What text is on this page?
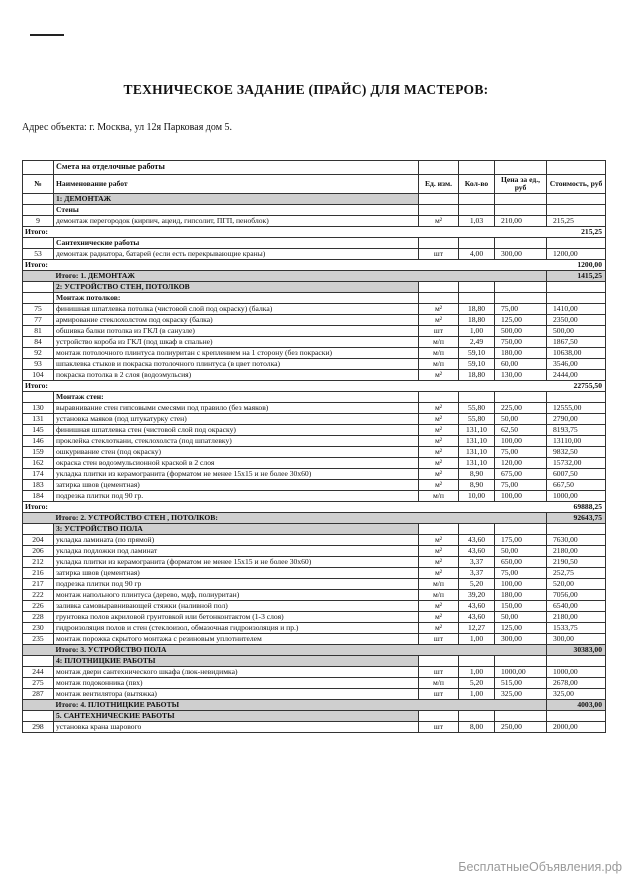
ТЕХНИЧЕСКОЕ ЗАДАНИЕ (ПРАЙС) ДЛЯ МАСТЕРОВ:
Адрес объекта: г. Москва, ул 12я Парковая дом 5.
	Смета на отделочные работы				
№	Наименование работ	Ед. изм.	Кол-во	Цена за ед., руб	Стоимость, руб
	1: ДЕМОНТАЖ				
	Стены				
9	демонтаж перегородок (кирпич, ацеид, гипсолит, ПГП, пеноблок)	м²	1,03	210,00	215,25
Итого:					215,25
	Сантехнические работы				
53	демонтаж радиатора, батарей (если есть перекрывающие краны)	шт	4,00	300,00	1200,00
Итого:					1200,00
	Итого: 1. ДЕМОНТАЖ				1415,25
	2: УСТРОЙСТВО СТЕН, ПОТОЛКОВ				
	Монтаж потолков:				
75	финишная шпатлевка потолка (чистовой слой под окраску) (балка)	м²	18,80	75,00	1410,00
77	армирование стеклохолстом под окраску (балка)	м²	18,80	125,00	2350,00
81	обшивка балки потолка из ГКЛ (в санузле)	шт	1,00	500,00	500,00
84	устройство короба из ГКЛ (под шкаф в спальне)	м/п	2,49	750,00	1867,50
92	монтаж потолочного плинтуса полиуритан с креплением на 1 сторону (без покраски)	м/п	59,10	180,00	10638,00
93	шпаклевка стыков и покраска потолочного плинтуса (в цвет потолка)	м/п	59,10	60,00	3546,00
104	покраска потолка в 2 слоя (водоэмульсия)	м²	18,80	130,00	2444,00
Итого:					22755,50
	Монтаж стен:				
130	выравнивание стен гипсовыми смесями под правило (без маяков)	м²	55,80	225,00	12555,00
131	установка маяков (под штукатурку стен)	м²	55,80	50,00	2790,00
145	финишная шпатлевка стен (чистовой слой под окраску)	м²	131,10	62,50	8193,75
146	проклейка стеклоткани, стеклохолста (под шпатлевку)	м²	131,10	100,00	13110,00
159	ошкуривание стен (под окраску)	м²	131,10	75,00	9832,50
162	окраска стен водоэмульсионной краской в 2 слоя	м²	131,10	120,00	15732,00
174	укладка плитки из керамогранита (форматом не менее 15х15 и не более 30х60)	м²	8,90	675,00	6007,50
183	затирка швов (цементная)	м²	8,90	75,00	667,50
184	подрезка плитки под 90 гр.	м/п	10,00	100,00	1000,00
Итого:					69888,25
	Итого: 2. УСТРОЙСТВО СТЕН , ПОТОЛКОВ:				92643,75
	3: УСТРОЙСТВО ПОЛА				
204	укладка ламината (по прямой)	м²	43,60	175,00	7630,00
206	укладка подложки под ламинат	м²	43,60	50,00	2180,00
212	укладка плитки из керамогранита (форматом не менее 15х15 и не более 30х60)	м²	3,37	650,00	2190,50
216	затирка швов (цементная)	м²	3,37	75,00	252,75
217	подрезка плитки под 90 гр	м/п	5,20	100,00	520,00
222	монтаж напольного плинтуса (дерево, мдф, полиуритан)	м/п	39,20	180,00	7056,00
226	заливка самовыравнивающей стяжки (наливной пол)	м²	43,60	150,00	6540,00
228	грунтовка полов акриловой грунтовкой или бетонконтактом (1-3 слоя)	м²	43,60	50,00	2180,00
230	гидроизоляция полов и стен (стеклоизол, обмазочная гидроизоляция и пр.)	м²	12,27	125,00	1533,75
235	монтаж порожка скрытого монтажа с резиновым уплотнителем	шт	1,00	300,00	300,00
	Итого: 3. УСТРОЙСТВО ПОЛА				30383,00
	4: ПЛОТНИЦКИЕ РАБОТЫ				
244	монтаж двери сантехнического шкафа (люк-невидимка)	шт	1,00	1000,00	1000,00
275	монтаж подоконника (пвх)	м/п	5,20	515,00	2678,00
287	монтаж вентилятора (вытяжка)	шт	1,00	325,00	325,00
	Итого: 4. ПЛОТНИЦКИЕ РАБОТЫ				4003,00
	5. САНТЕХНИЧЕСКИЕ РАБОТЫ				
298	установка крана шарового	шт	8,00	250,00	2000,00
БесплатныеОбъявления.рф
